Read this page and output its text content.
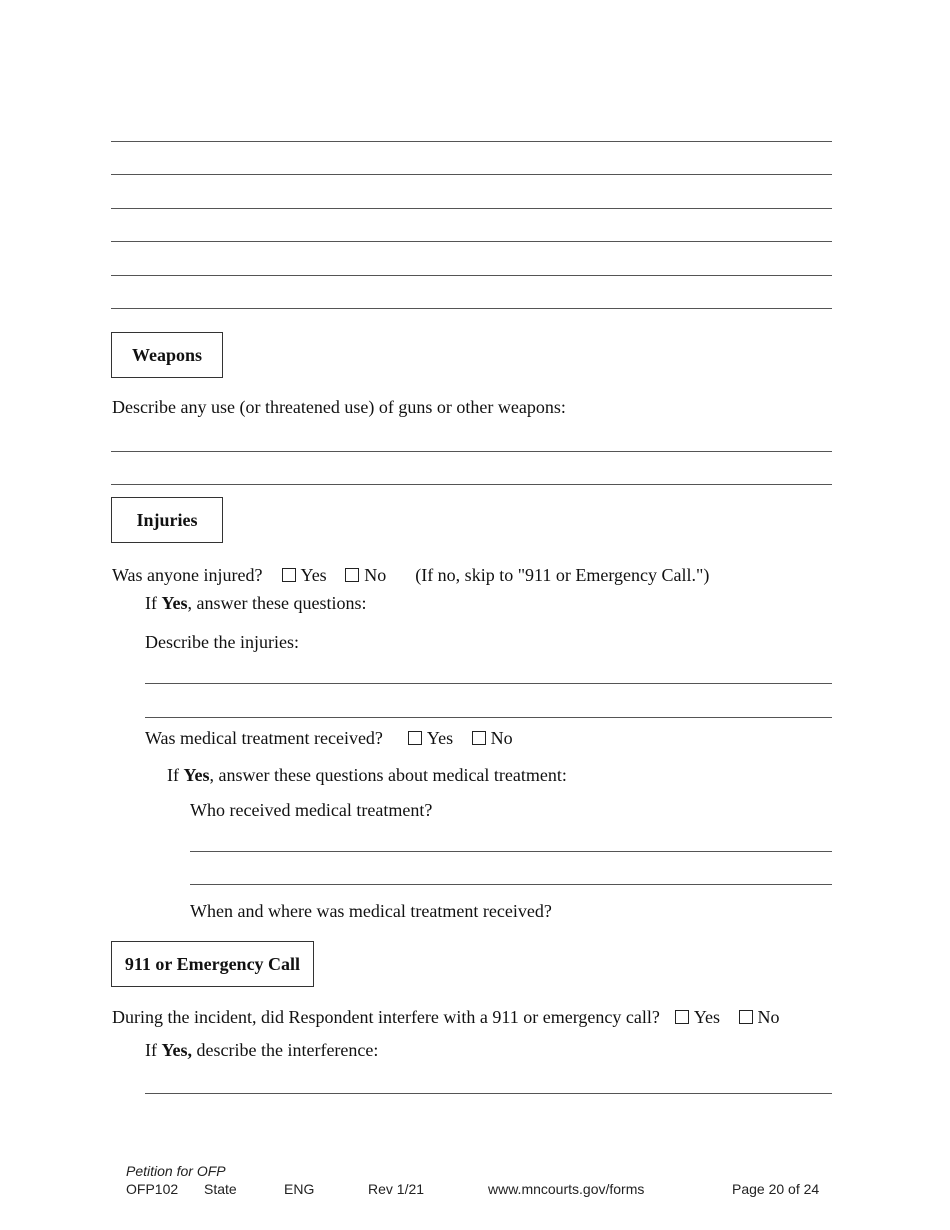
Weapons
Describe any use (or threatened use) of guns or other weapons:
Injuries
Was anyone injured? Yes No (If no, skip to "911 or Emergency Call.")
If Yes, answer these questions:
Describe the injuries:
Was medical treatment received? Yes No
If Yes, answer these questions about medical treatment:
Who received medical treatment?
When and where was medical treatment received?
911 or Emergency Call
During the incident, did Respondent interfere with a 911 or emergency call? Yes No
If Yes, describe the interference:
Petition for OFP
OFP102 State	ENG	Rev 1/21	www.mncourts.gov/forms	Page 20 of 24
